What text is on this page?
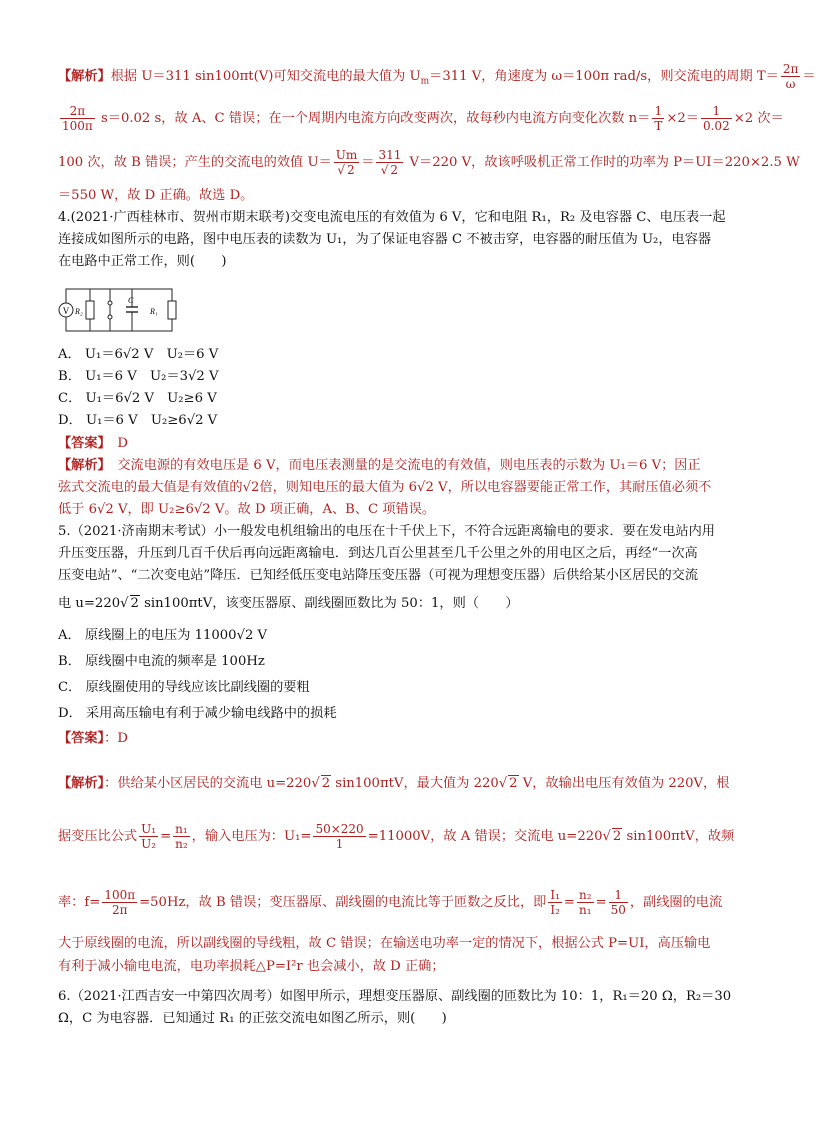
【解析】根据 U＝311 sin100πt(V)可知交流电的最大值为 $U_m=311$ V，角速度为 ω＝100π rad/s，则交流电的周期 $T= \frac{2\pi}{\omega}$ ＝
$\frac{2\pi}{100\pi} s=0.02$ s，故 A、C 错误；在一个周期内电流方向改变两次，故每秒内电流方向变化次数 $n= \frac{1}{T} \times 2= \frac{1}{0.02} \times 2$ 次＝
100 次，故 B 错误；产生的交流电的效值 $U= \frac{Um}{√ 2} = \frac{311}{√ 2} V=220$ V，故该呼吸机正常工作时的功率为 P＝UI＝220×2.5 W
＝550 W，故 D 正确。故选 D。
4.(2021·广西桂林市、贺州市期末联考)交变电流电压的有效值为 6 V，它和电阻 R₁，R₂ 及电容器 C、电压表一起
连接成如图所示的电路，图中电压表的读数为 U₁，为了保证电容器 C 不被击穿，电容器的耐压值为 U₂，电容器
在电路中正常工作，则(　　)
V R₂
C
R₁
A． U₁＝6√2 V　U₂＝6 V
B． U₁＝6 V　U₂＝3√2 V
C． U₁＝6√2 V　U₂≥6 V
D． U₁＝6 V　U₂≥6√2 V
【答案】　 D
【解析】　 交流电源的有效电压是 6 V，而电压表测量的是交流电的有效值，则电压表的示数为 U₁＝6 V；因正
弦式交流电的最大值是有效值的√2倍，则知电压的最大值为 6√2 V，所以电容器要能正常工作，其耐压值必须不
低于 6√2 V，即 U₂≥6√2 V。故 D 项正确，A、B、C 项错误。
5.（2021·济南期末考试）小一般发电机组输出的电压在十千伏上下，不符合远距离输电的要求．要在发电站内用
升压变压器，升压到几百千伏后再向远距离输电．到达几百公里甚至几千公里之外的用电区之后，再经“一次高
压变电站”、“二次变电站”降压．已知经低压变电站降压变压器（可视为理想变压器）后供给某小区居民的交流
电 u=220√ 2 sin100πtV，该变压器原、副线圈匝数比为 50：1，则（　　）
A． 原线圈上的电压为 11000√2 V
B． 原线圈中电流的频率是 100Hz
C． 原线圈使用的导线应该比副线圈的要粗
D． 采用高压输电有利于减少输电线路中的损耗
【答案】：D
【解析】：供给某小区居民的交流电 u=220√ 2 sin100πtV，最大值为 220√ 2 V，故输出电压有效值为 220V，根
据变压比公式 $\frac{\text{U₁}}{\text{U₂}} = \frac{\text{n₁}}{\text{n₂}}$ ，输入电压为：$U_1= \frac{50\times 220}{1} =11000V$，故 A 错误；交流电 u=220√ 2 sin100πtV，故频
率：$f= \frac{100\pi}{2\pi} =50Hz$，故 B 错误；变压器原、副线圈的电流比等于匝数之反比，即 $\frac{\text{I₁}}{\text{I₂}} = \frac{\text{n₂}}{\text{n₁}} = \frac{1}{50}$ ，副线圈的电流
大于原线圈的电流，所以副线圈的导线粗，故 C 错误；在输送电功率一定的情况下，根据公式 P=UI，高压输电
有利于减小输电电流，电功率损耗△P=I²r 也会减小，故 D 正确；
6.（2021·江西吉安一中第四次周考）如图甲所示，理想变压器原、副线圈的匝数比为 10：1，R₁＝20 Ω，R₂＝30
Ω，C 为电容器．已知通过 R₁ 的正弦交流电如图乙所示，则(　　)
